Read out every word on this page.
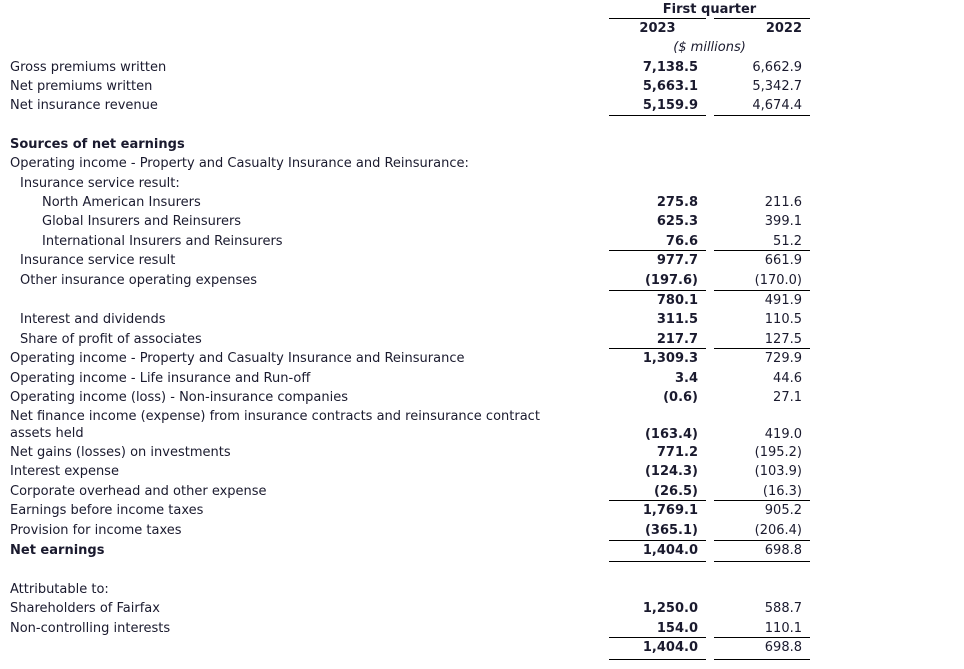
First quarter
2023	2022
($ millions)
Gross premiums written	7,138.5	6,662.9
Net premiums written	5,663.1	5,342.7
Net insurance revenue	5,159.9	4,674.4
Sources of net earnings
Operating income - Property and Casualty Insurance and Reinsurance:
Insurance service result:
North American Insurers	275.8	211.6
Global Insurers and Reinsurers	625.3	399.1
International Insurers and Reinsurers	76.6	51.2
Insurance service result	977.7	661.9
Other insurance operating expenses	(197.6)	(170.0)
780.1	491.9
Interest and dividends	311.5	110.5
Share of profit of associates	217.7	127.5
Operating income - Property and Casualty Insurance and Reinsurance	1,309.3	729.9
Operating income - Life insurance and Run-off	3.4	44.6
Operating income (loss) - Non-insurance companies	(0.6)	27.1
Net finance income (expense) from insurance contracts and reinsurance contract
assets held	(163.4)	419.0
Net gains (losses) on investments	771.2	(195.2)
Interest expense	(124.3)	(103.9)
Corporate overhead and other expense	(26.5)	(16.3)
Earnings before income taxes	1,769.1	905.2
Provision for income taxes	(365.1)	(206.4)
Net earnings	1,404.0	698.8
Attributable to:
Shareholders of Fairfax	1,250.0	588.7
Non-controlling interests	154.0	110.1
1,404.0	698.8
